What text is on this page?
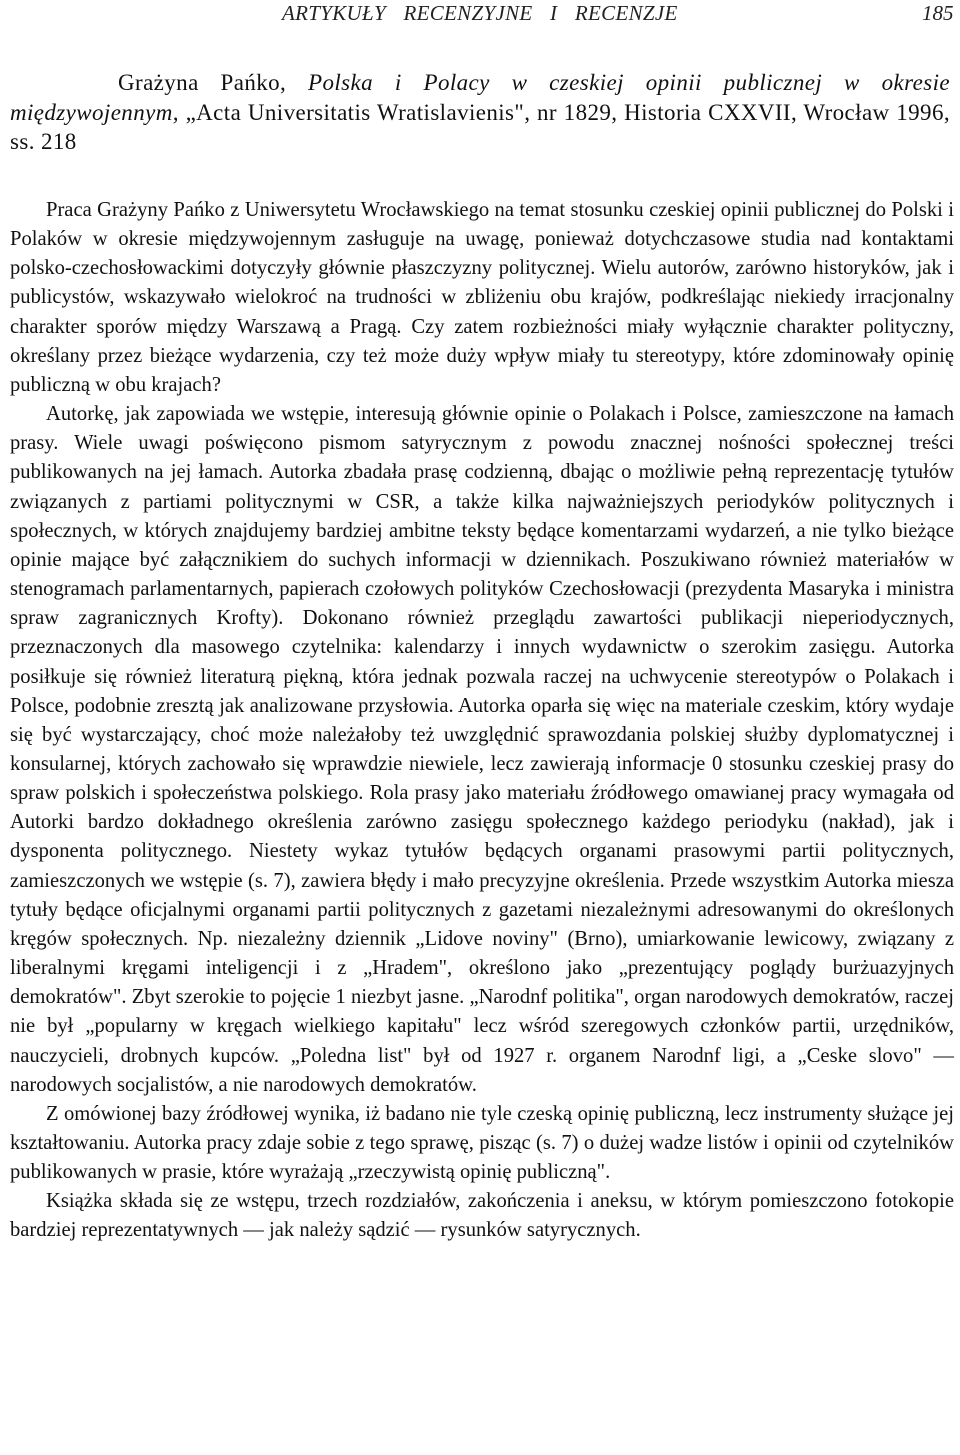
ARTYKUŁY RECENZYJNE I RECENZJE	185

Grażyna Pańko, Polska i Polacy w czeskiej opinii publicznej w okresie międzywojennym, „Acta Universitatis Wratislavienis", nr 1829, Historia CXXVII, Wrocław 1996, ss. 218

Praca Grażyny Pańko z Uniwersytetu Wrocławskiego na temat stosunku czeskiej opinii publicznej do Polski i Polaków w okresie międzywojennym zasługuje na uwagę, ponieważ dotychczasowe studia nad kontaktami polsko-czechosłowackimi dotyczyły głównie płaszczyzny politycznej. Wielu autorów, zarówno historyków, jak i publicystów, wskazywało wielokroć na trudności w zbliżeniu obu krajów, podkreślając niekiedy irracjonalny charakter sporów między Warszawą a Pragą. Czy zatem rozbieżności miały wyłącznie charakter polityczny, określany przez bieżące wydarzenia, czy też może duży wpływ miały tu stereotypy, które zdominowały opinię publiczną w obu krajach?

Autorkę, jak zapowiada we wstępie, interesują głównie opinie o Polakach i Polsce, zamieszczone na łamach prasy. Wiele uwagi poświęcono pismom satyrycznym z powodu znacznej nośności społecznej treści publikowanych na jej łamach. Autorka zbadała prasę codzienną, dbając o możliwie pełną reprezentację tytułów związanych z partiami politycznymi w CSR, a także kilka najważniejszych periodyków politycznych i społecznych, w których znajdujemy bardziej ambitne teksty będące komentarzami wydarzeń, a nie tylko bieżące opinie mające być załącznikiem do suchych informacji w dziennikach. Poszukiwano również materiałów w stenogramach parlamentarnych, papierach czołowych polityków Czechosłowacji (prezydenta Masaryka i ministra spraw zagranicznych Krofty). Dokonano również przeglądu zawartości publikacji nieperiodycznych, przeznaczonych dla masowego czytelnika: kalendarzy i innych wydawnictw o szerokim zasięgu. Autorka posiłkuje się również literaturą piękną, która jednak pozwala raczej na uchwycenie stereotypów o Polakach i Polsce, podobnie zresztą jak analizowane przysłowia. Autorka oparła się więc na materiale czeskim, który wydaje się być wystarczający, choć może należałoby też uwzględnić sprawozdania polskiej służby dyplomatycznej i konsularnej, których zachowało się wprawdzie niewiele, lecz zawierają informacje 0 stosunku czeskiej prasy do spraw polskich i społeczeństwa polskiego. Rola prasy jako materiału źródłowego omawianej pracy wymagała od Autorki bardzo dokładnego określenia zarówno zasięgu społecznego każdego periodyku (nakład), jak i dysponenta politycznego. Niestety wykaz tytułów będących organami prasowymi partii politycznych, zamieszczonych we wstępie (s. 7), zawiera błędy i mało precyzyjne określenia. Przede wszystkim Autorka miesza tytuły będące oficjalnymi organami partii politycznych z gazetami niezależnymi adresowanymi do określonych kręgów społecznych. Np. niezależny dziennik „Lidove noviny" (Brno), umiarkowanie lewicowy, związany z liberalnymi kręgami inteligencji i z „Hradem", określono jako „prezentujący poglądy burżuazyjnych demokratów". Zbyt szerokie to pojęcie 1 niezbyt jasne. „Narodnf politika", organ narodowych demokratów, raczej nie był „popularny w kręgach wielkiego kapitału" lecz wśród szeregowych członków partii, urzędników, nauczycieli, drobnych kupców. „Poledna list" był od 1927 r. organem Narodnf ligi, a „Ceske slovo" — narodowych socjalistów, a nie narodowych demokratów.

Z omówionej bazy źródłowej wynika, iż badano nie tyle czeską opinię publiczną, lecz instrumenty służące jej kształtowaniu. Autorka pracy zdaje sobie z tego sprawę, pisząc (s. 7) o dużej wadze listów i opinii od czytelników publikowanych w prasie, które wyrażają „rzeczywistą opinię publiczną".

Książka składa się ze wstępu, trzech rozdziałów, zakończenia i aneksu, w którym pomieszczono fotokopie bardziej reprezentatywnych — jak należy sądzić — rysunków satyrycznych.
